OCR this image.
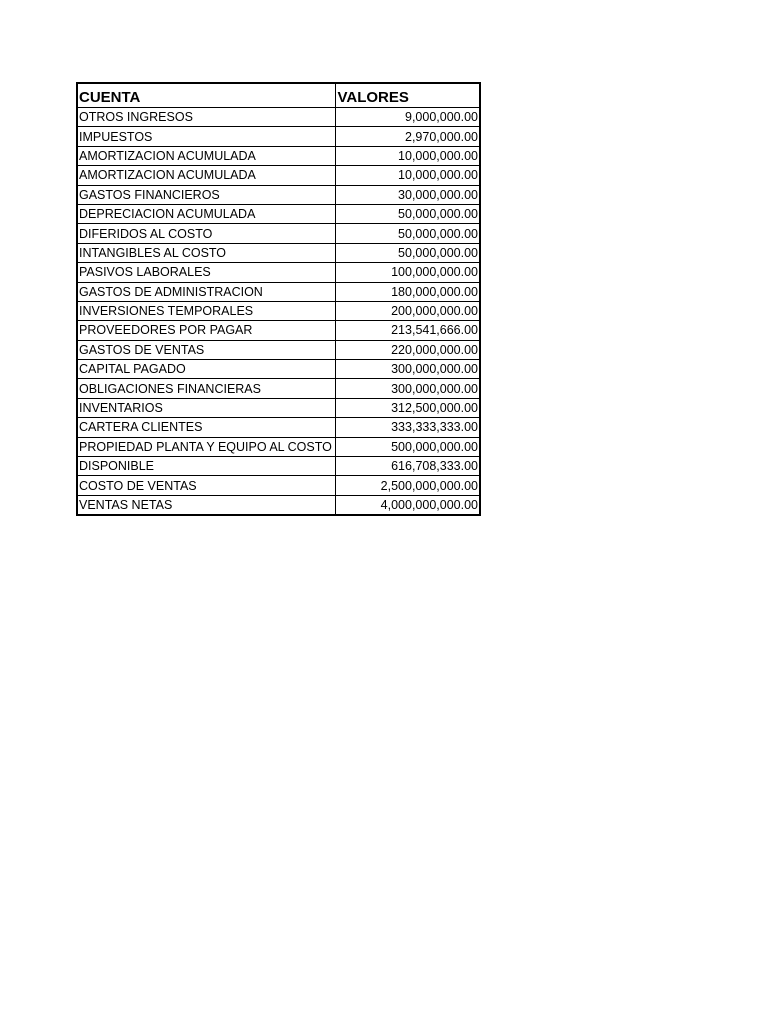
CUENTA	VALORES
OTROS INGRESOS	9,000,000.00
IMPUESTOS	2,970,000.00
AMORTIZACION ACUMULADA	10,000,000.00
AMORTIZACION ACUMULADA	10,000,000.00
GASTOS FINANCIEROS	30,000,000.00
DEPRECIACION ACUMULADA	50,000,000.00
DIFERIDOS AL COSTO	50,000,000.00
INTANGIBLES AL COSTO	50,000,000.00
PASIVOS LABORALES	100,000,000.00
GASTOS DE ADMINISTRACION	180,000,000.00
INVERSIONES TEMPORALES	200,000,000.00
PROVEEDORES POR PAGAR	213,541,666.00
GASTOS DE VENTAS	220,000,000.00
CAPITAL PAGADO	300,000,000.00
OBLIGACIONES FINANCIERAS	300,000,000.00
INVENTARIOS	312,500,000.00
CARTERA CLIENTES	333,333,333.00
PROPIEDAD PLANTA Y EQUIPO AL COSTO	500,000,000.00
DISPONIBLE	616,708,333.00
COSTO DE VENTAS	2,500,000,000.00
VENTAS NETAS	4,000,000,000.00
